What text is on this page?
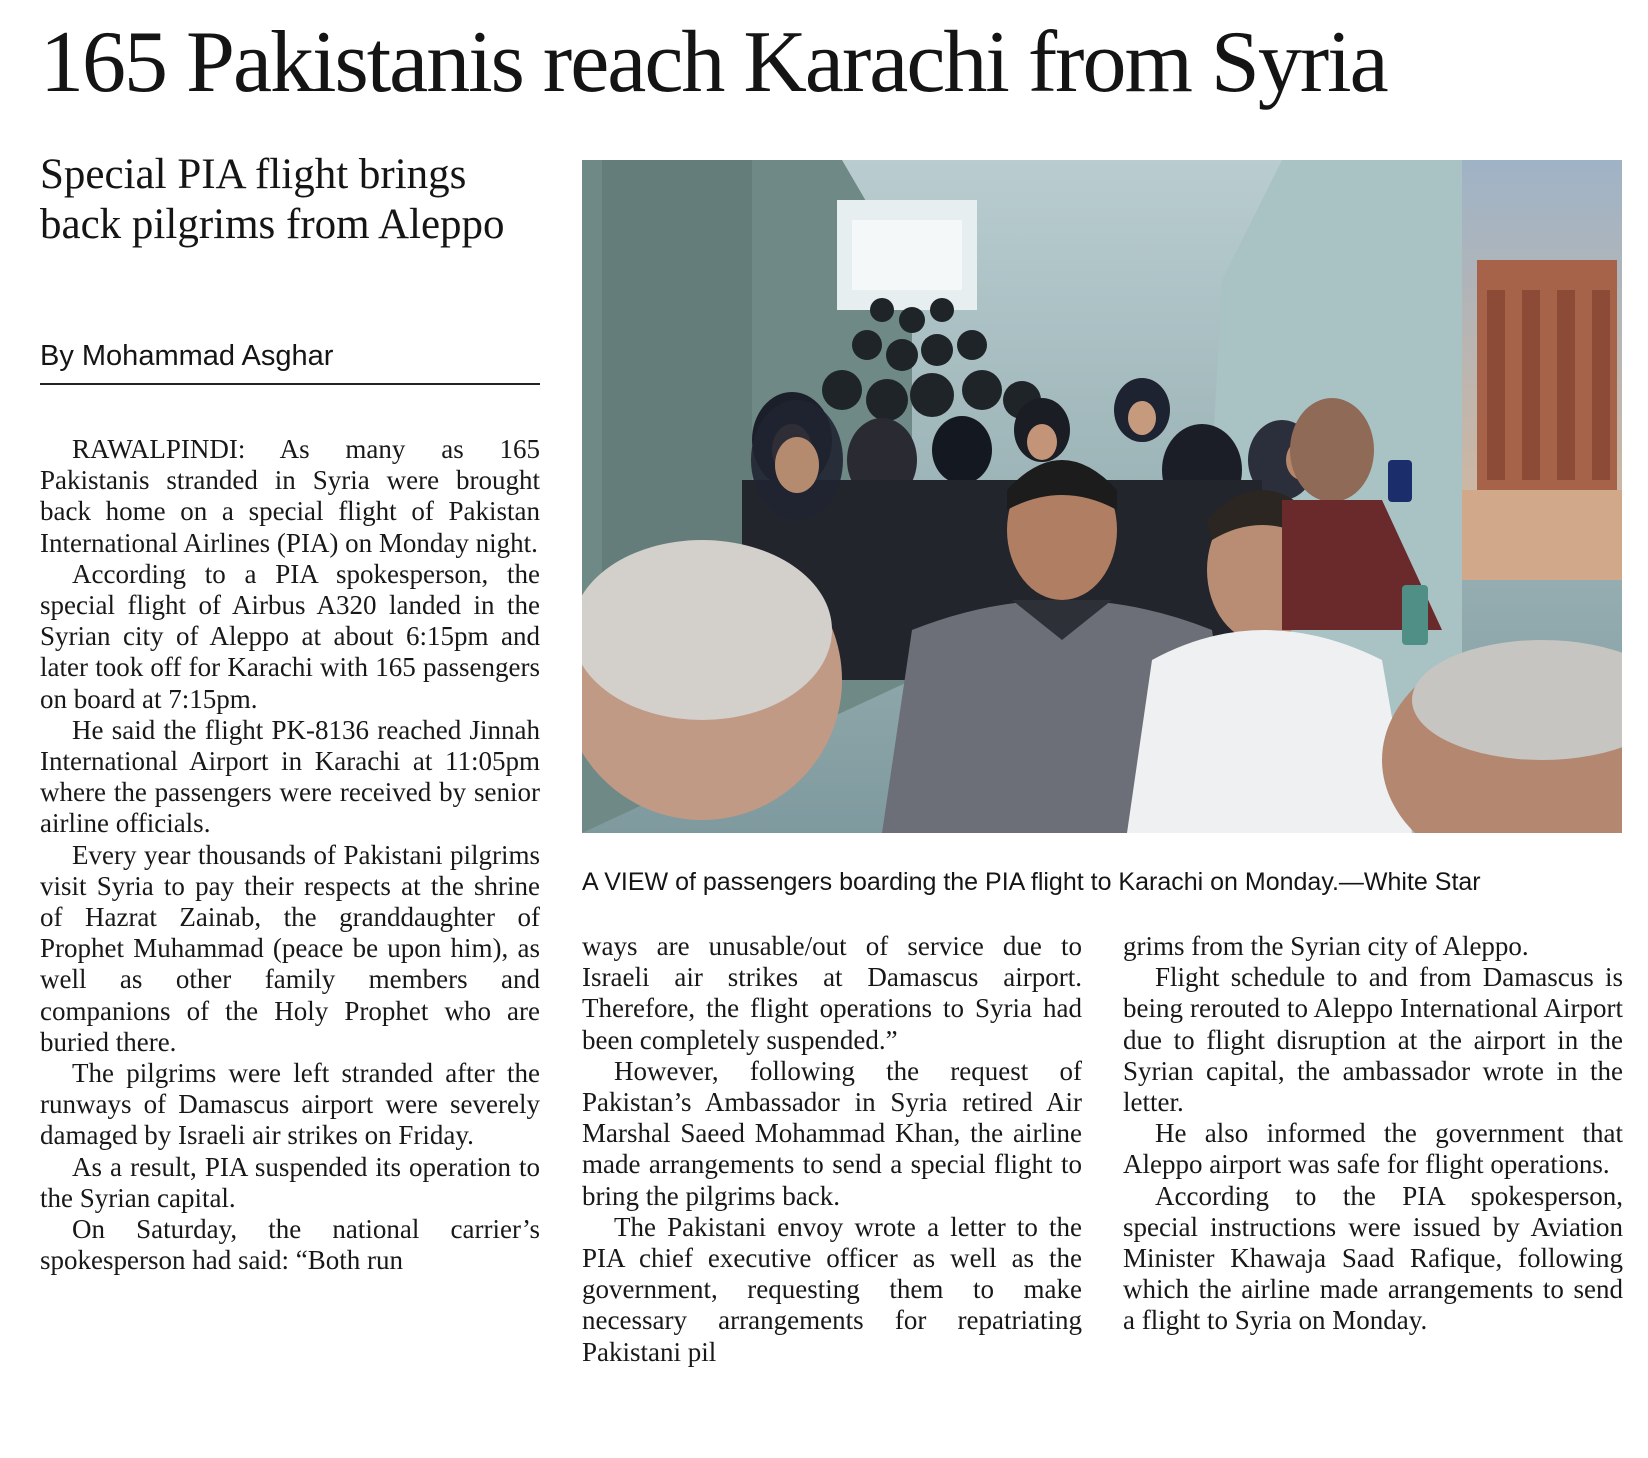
165 Pakistanis reach Karachi from Syria
Special PIA flight brings back pilgrims from Aleppo
By Mohammad Asghar

RAWALPINDI: As many as 165 Pakistanis stranded in Syria were brought back home on a special flight of Pakistan International Airlines (PIA) on Monday night.

According to a PIA spokesperson, the special flight of Airbus A320 landed in the Syrian city of Aleppo at about 6:15pm and later took off for Karachi with 165 passengers on board at 7:15pm.

He said the flight PK-8136 reached Jinnah International Airport in Karachi at 11:05pm where the passengers were received by senior airline officials.

Every year thousands of Pakistani pilgrims visit Syria to pay their respects at the shrine of Hazrat Zainab, the granddaughter of Prophet Muhammad (peace be upon him), as well as other family members and companions of the Holy Prophet who are buried there.

The pilgrims were left stranded after the runways of Damascus airport were severely damaged by Israeli air strikes on Friday.

As a result, PIA suspended its operation to the Syrian capital.

On Saturday, the national carrier’s spokesperson had said: “Both run

A VIEW of passengers boarding the PIA flight to Karachi on Monday.—White Star

ways are unusable/out of service due to Israeli air strikes at Damascus airport. Therefore, the flight operations to Syria had been completely suspended.”

However, following the request of Pakistan’s Ambassador in Syria retired Air Marshal Saeed Mohammad Khan, the airline made arrangements to send a special flight to bring the pilgrims back.

The Pakistani envoy wrote a letter to the PIA chief executive officer as well as the government, requesting them to make necessary arrangements for repatriating Pakistani pil

grims from the Syrian city of Aleppo.

Flight schedule to and from Damascus is being rerouted to Aleppo International Airport due to flight disruption at the airport in the Syrian capital, the ambassador wrote in the letter.

He also informed the government that Aleppo airport was safe for flight operations.

According to the PIA spokesperson, special instructions were issued by Aviation Minister Khawaja Saad Rafique, following which the airline made arrangements to send a flight to Syria on Monday.
